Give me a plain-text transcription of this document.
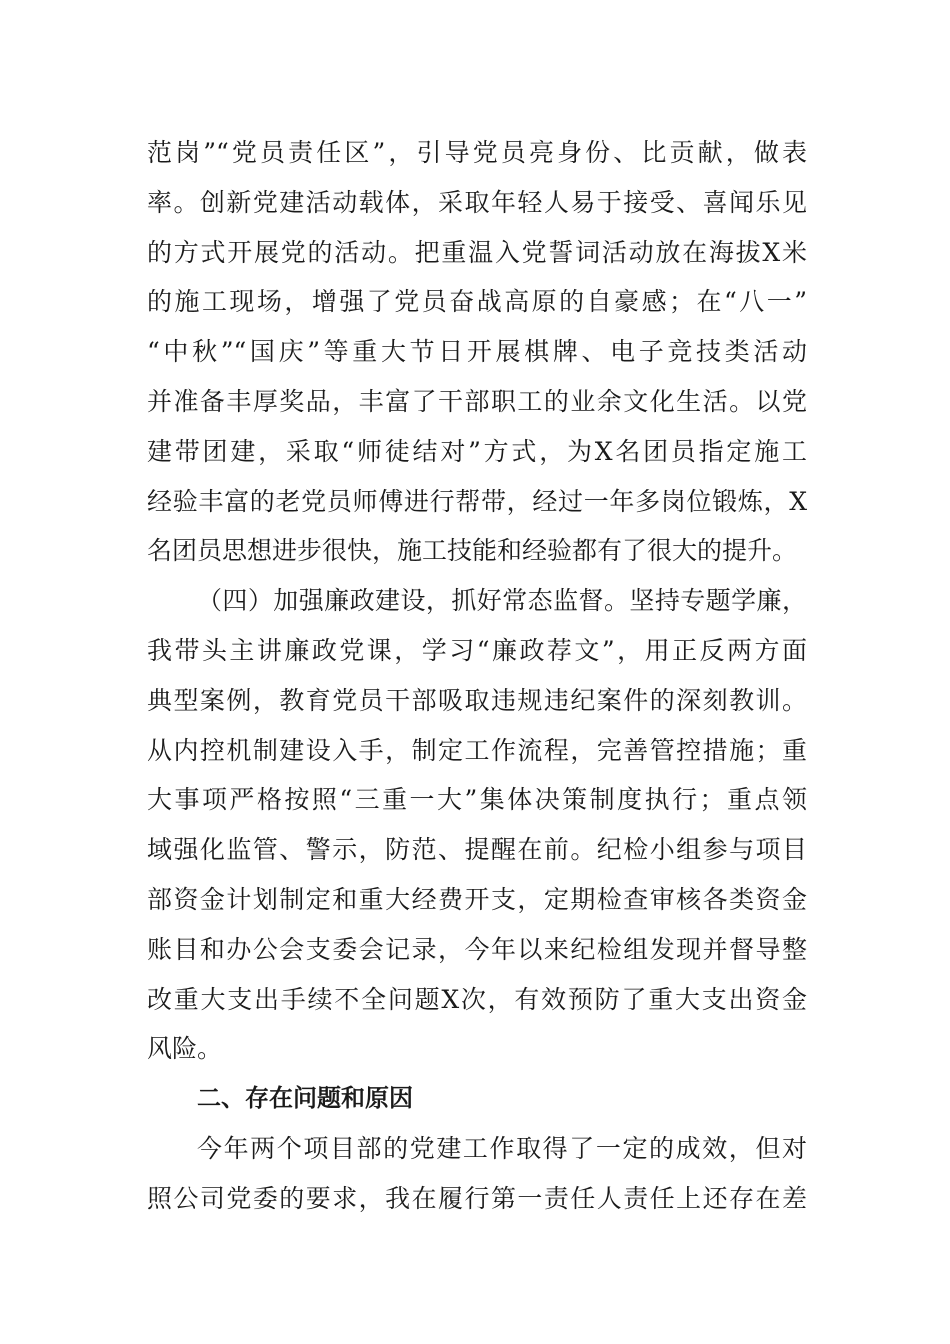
范岗”“党员责任区”，引导党员亮身份、比贡献，做表
率。创新党建活动载体，采取年轻人易于接受、喜闻乐见
的方式开展党的活动。把重温入党誓词活动放在海拔X米
的施工现场，增强了党员奋战高原的自豪感；在“八一”
“中秋”“国庆”等重大节日开展棋牌、电子竞技类活动
并准备丰厚奖品，丰富了干部职工的业余文化生活。以党
建带团建，采取“师徒结对”方式，为X名团员指定施工
经验丰富的老党员师傅进行帮带，经过一年多岗位锻炼，X
名团员思想进步很快，施工技能和经验都有了很大的提升。
（四）加强廉政建设，抓好常态监督。坚持专题学廉，
我带头主讲廉政党课，学习“廉政荐文”，用正反两方面
典型案例，教育党员干部吸取违规违纪案件的深刻教训。
从内控机制建设入手，制定工作流程，完善管控措施；重
大事项严格按照“三重一大”集体决策制度执行；重点领
域强化监管、警示，防范、提醒在前。纪检小组参与项目
部资金计划制定和重大经费开支，定期检查审核各类资金
账目和办公会支委会记录，今年以来纪检组发现并督导整
改重大支出手续不全问题X次，有效预防了重大支出资金
风险。
二、存在问题和原因
今年两个项目部的党建工作取得了一定的成效，但对
照公司党委的要求，我在履行第一责任人责任上还存在差
